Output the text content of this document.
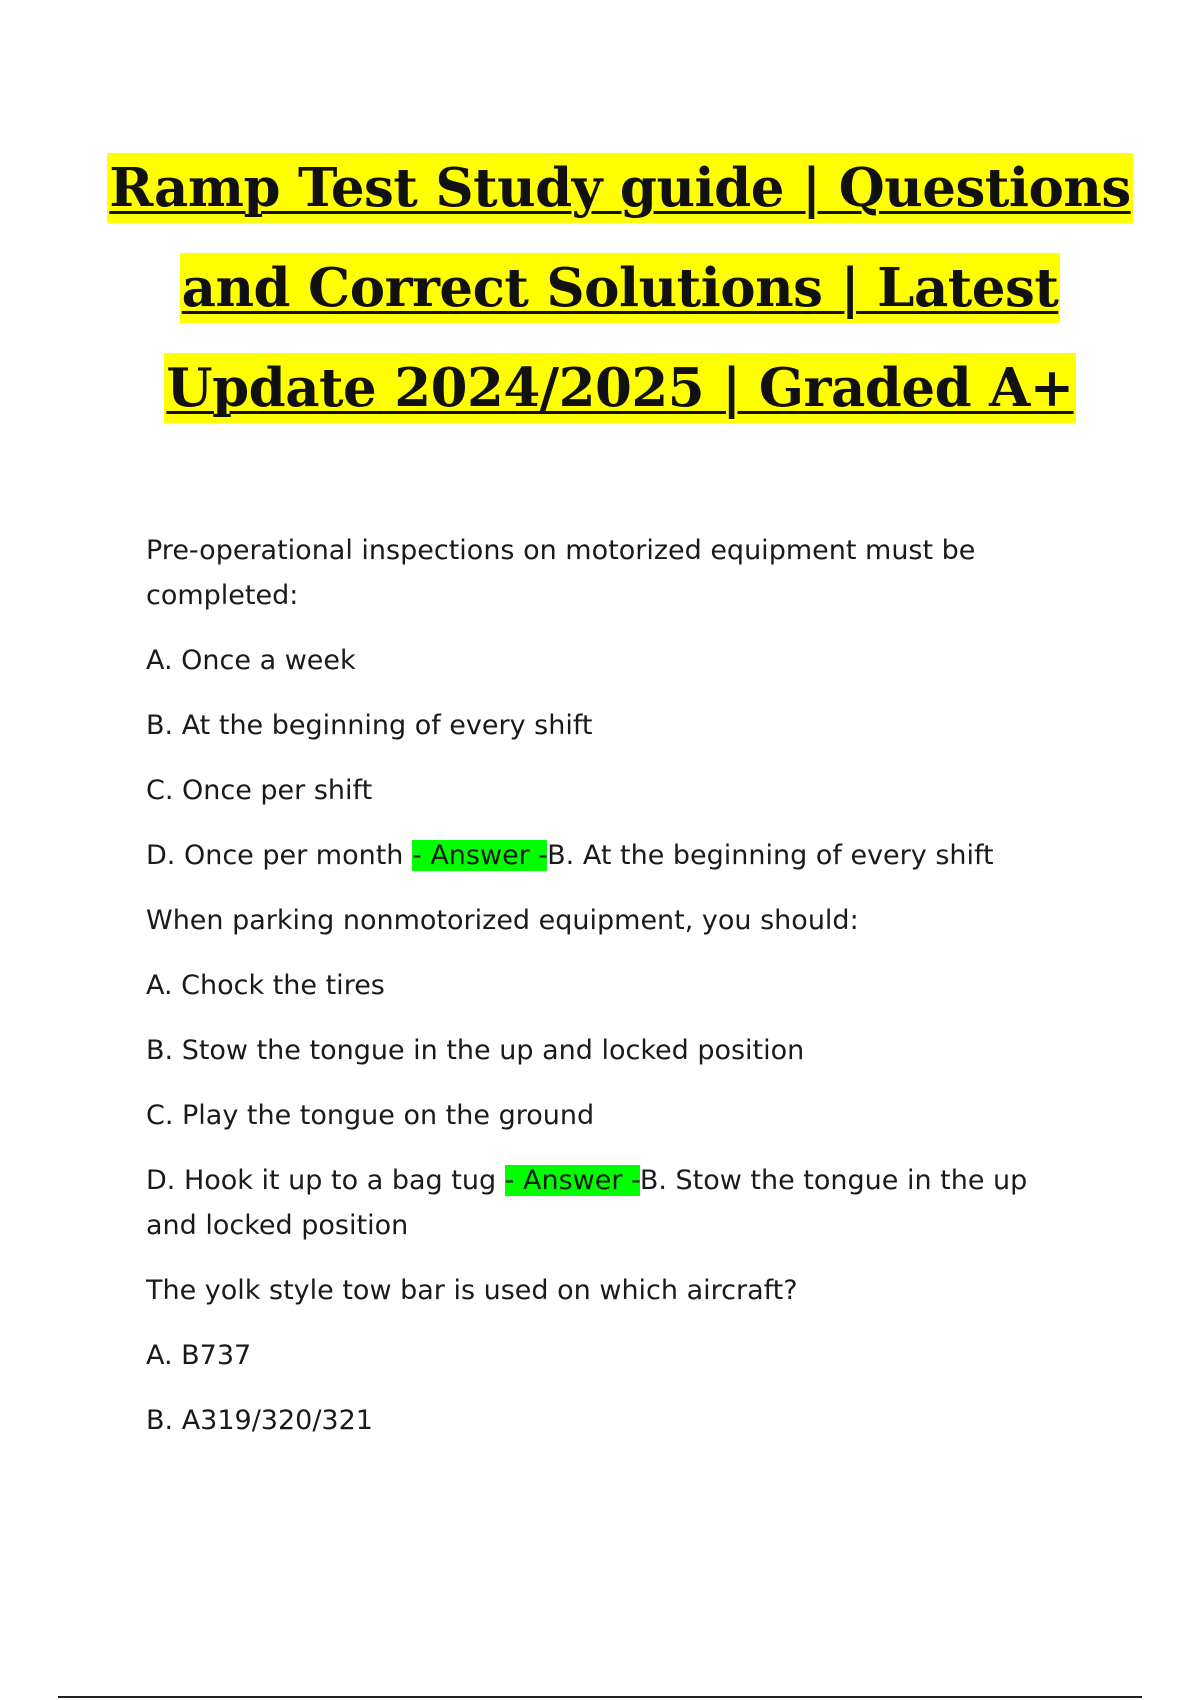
Ramp Test Study guide | Questions
and Correct Solutions | Latest
Update 2024/2025 | Graded A+

Pre-operational inspections on motorized equipment must be completed:

A. Once a week

B. At the beginning of every shift

C. Once per shift

D. Once per month - Answer -B. At the beginning of every shift

When parking nonmotorized equipment, you should:

A. Chock the tires

B. Stow the tongue in the up and locked position

C. Play the tongue on the ground

D. Hook it up to a bag tug - Answer -B. Stow the tongue in the up and locked position

The yolk style tow bar is used on which aircraft?

A. B737

B. A319/320/321
